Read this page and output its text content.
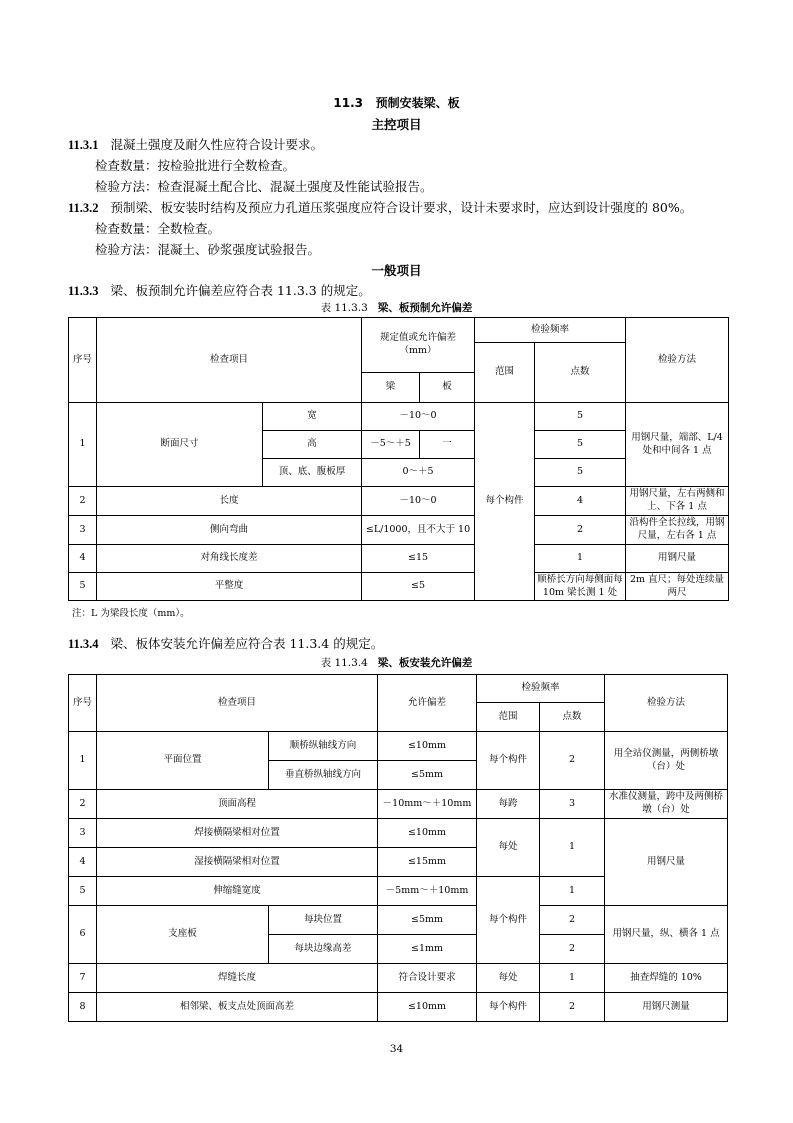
11.3 预制安装梁、板
主控项目
11.3.1 混凝土强度及耐久性应符合设计要求。
检查数量：按检验批进行全数检查。
检验方法：检查混凝土配合比、混凝土强度及性能试验报告。
11.3.2 预制梁、板安装时结构及预应力孔道压浆强度应符合设计要求，设计未要求时，应达到设计强度的 80%。
检查数量：全数检查。
检验方法：混凝土、砂浆强度试验报告。
一般项目
11.3.3 梁、板预制允许偏差应符合表 11.3.3 的规定。
表 11.3.3 梁、板预制允许偏差
序号	检查项目		规定值或允许偏差（mm）		检验频率		检验方法
					范围	点数	
			梁	板			
1	断面尺寸	宽	－10～0		每个构件	5	用钢尺量，端部、L/4 处和中间各 1 点
		高	－5～＋5	一		5	
		顶、底、腹板厚	0～＋5			5	
2	长度		－10～0			4	用钢尺量，左右两侧和上、下各 1 点
3	侧向弯曲		≤L/1000，且不大于 10			2	沿构件全长拉线，用钢尺量，左右各 1 点
4	对角线长度差		≤15			1	用钢尺量
5	平整度		≤5			顺桥长方向每侧面每 10m 梁长测 1 处	2m 直尺；每处连续量两尺
注：L 为梁段长度（mm）。
11.3.4 梁、板体安装允许偏差应符合表 11.3.4 的规定。
表 11.3.4 梁、板安装允许偏差
序号	检查项目		允许偏差	检验频率		检验方法
				范围	点数	
1	平面位置	顺桥纵轴线方向	≤10mm	每个构件	2	用全站仪测量，两侧桥墩（台）处
		垂直桥纵轴线方向	≤5mm			
2	顶面高程		－10mm～＋10mm	每跨	3	水准仪测量，跨中及两侧桥墩（台）处
3	焊接横隔梁相对位置		≤10mm	每处	1	用钢尺量
4	湿接横隔梁相对位置		≤15mm			
5	伸缩缝宽度		－5mm～＋10mm	每个构件	1	
6	支座板	每块位置	≤5mm		2	用钢尺量，纵、横各 1 点
		每块边缘高差	≤1mm		2	
7	焊缝长度		符合设计要求	每处	1	抽查焊缝的 10%
8	相邻梁、板支点处顶面高差		≤10mm	每个构件	2	用钢尺测量
34
